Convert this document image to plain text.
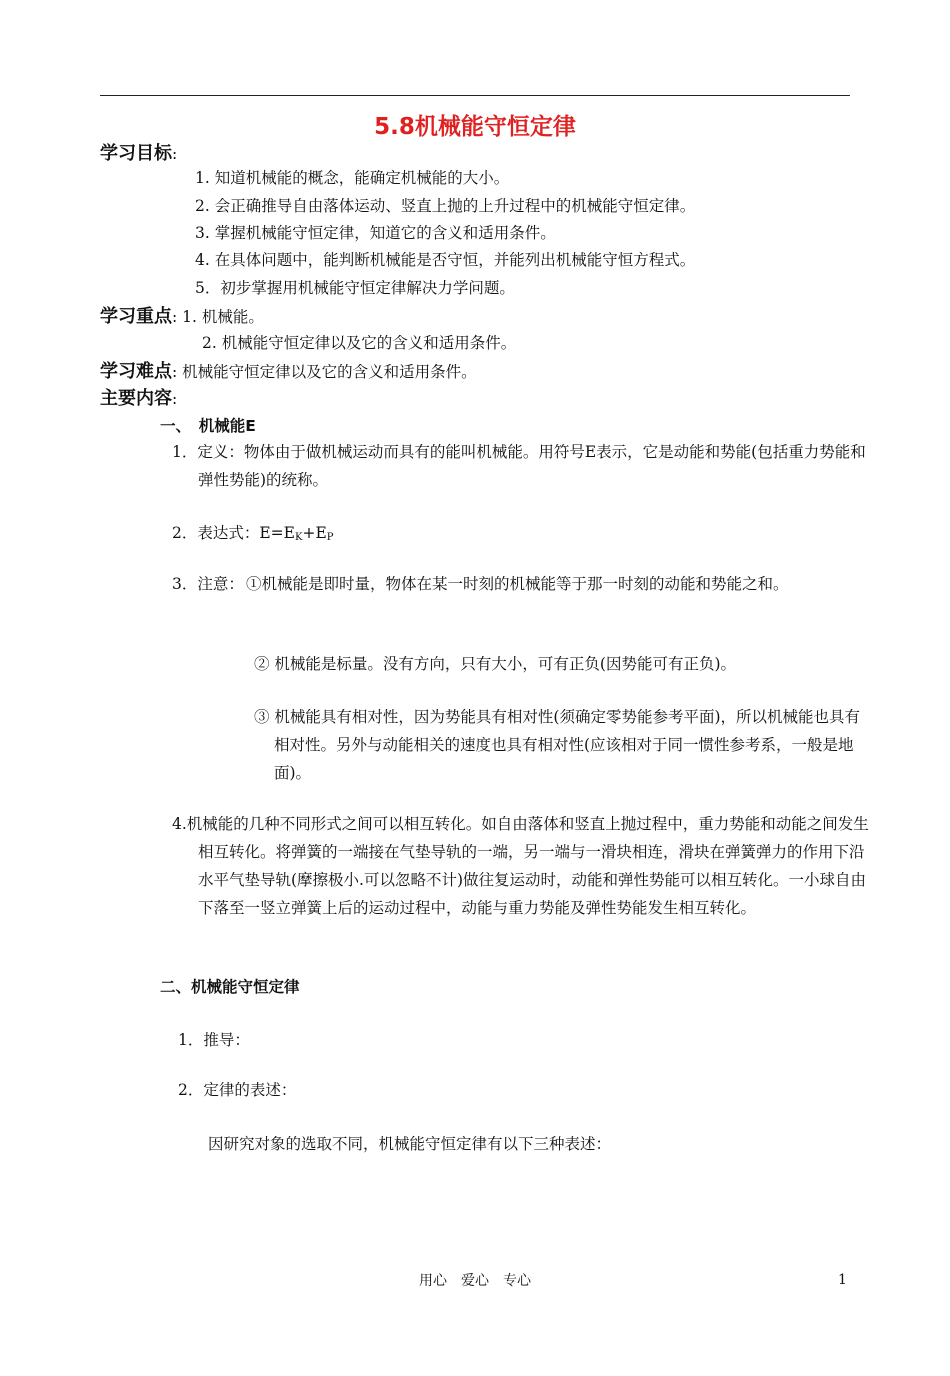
5.8机械能守恒定律
学习目标:
1. 知道机械能的概念，能确定机械能的大小。
2. 会正确推导自由落体运动、竖直上抛的上升过程中的机械能守恒定律。
3. 掌握机械能守恒定律，知道它的含义和适用条件。
4. 在具体问题中，能判断机械能是否守恒，并能列出机械能守恒方程式。
5．初步掌握用机械能守恒定律解决力学问题。
学习重点: 1. 机械能。
2. 机械能守恒定律以及它的含义和适用条件。
学习难点: 机械能守恒定律以及它的含义和适用条件。
主要内容:
一、　机械能E
1．定义：物体由于做机械运动而具有的能叫机械能。用符号E表示，它是动能和势能(包括重力势能和弹性势能)的统称。
2．表达式：$E=E_K+E_P$
3．注意： ①机械能是即时量，物体在某一时刻的机械能等于那一时刻的动能和势能之和。
② 机械能是标量。没有方向，只有大小，可有正负(因势能可有正负)。
③ 机械能具有相对性，因为势能具有相对性(须确定零势能参考平面)，所以机械能也具有相对性。另外与动能相关的速度也具有相对性(应该相对于同一惯性参考系，一般是地面)。
4.机械能的几种不同形式之间可以相互转化。如自由落体和竖直上抛过程中，重力势能和动能之间发生相互转化。将弹簧的一端接在气垫导轨的一端，另一端与一滑块相连，滑块在弹簧弹力的作用下沿水平气垫导轨(摩擦极小.可以忽略不计)做往复运动时，动能和弹性势能可以相互转化。一小球自由下落至一竖立弹簧上后的运动过程中，动能与重力势能及弹性势能发生相互转化。
二、机械能守恒定律
1．推导：
2．定律的表述：
因研究对象的选取不同，机械能守恒定律有以下三种表述：
用心　爱心　专心	1
